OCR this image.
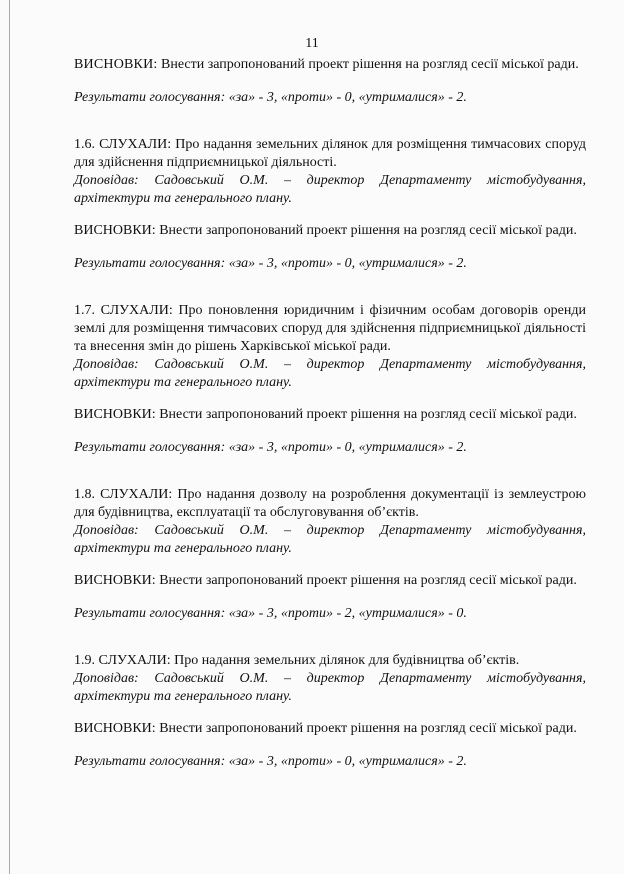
11

ВИСНОВКИ: Внести запропонований проект рішення на розгляд сесії міської ради.

Результати голосування: «за» - 3, «проти» - 0, «утрималися» - 2.

1.6. СЛУХАЛИ: Про надання земельних ділянок для розміщення тимчасових споруд для здійснення підприємницької діяльності.

Доповідав: Садовський О.М. – директор Департаменту містобудування, архітектури та генерального плану.

ВИСНОВКИ: Внести запропонований проект рішення на розгляд сесії міської ради.

Результати голосування: «за» - 3, «проти» - 0, «утрималися» - 2.

1.7. СЛУХАЛИ: Про поновлення юридичним і фізичним особам договорів оренди землі для розміщення тимчасових споруд для здійснення підприємницької діяльності та внесення змін до рішень Харківської міської ради.

Доповідав: Садовський О.М. – директор Департаменту містобудування, архітектури та генерального плану.

ВИСНОВКИ: Внести запропонований проект рішення на розгляд сесії міської ради.

Результати голосування: «за» - 3, «проти» - 0, «утрималися» - 2.

1.8. СЛУХАЛИ: Про надання дозволу на розроблення документації із землеустрою для будівництва, експлуатації та обслуговування об’єктів.

Доповідав: Садовський О.М. – директор Департаменту містобудування, архітектури та генерального плану.

ВИСНОВКИ: Внести запропонований проект рішення на розгляд сесії міської ради.

Результати голосування: «за» - 3, «проти» - 2, «утрималися» - 0.

1.9. СЛУХАЛИ: Про надання земельних ділянок для будівництва об’єктів.

Доповідав: Садовський О.М. – директор Департаменту містобудування, архітектури та генерального плану.

ВИСНОВКИ: Внести запропонований проект рішення на розгляд сесії міської ради.

Результати голосування: «за» - 3, «проти» - 0, «утрималися» - 2.
